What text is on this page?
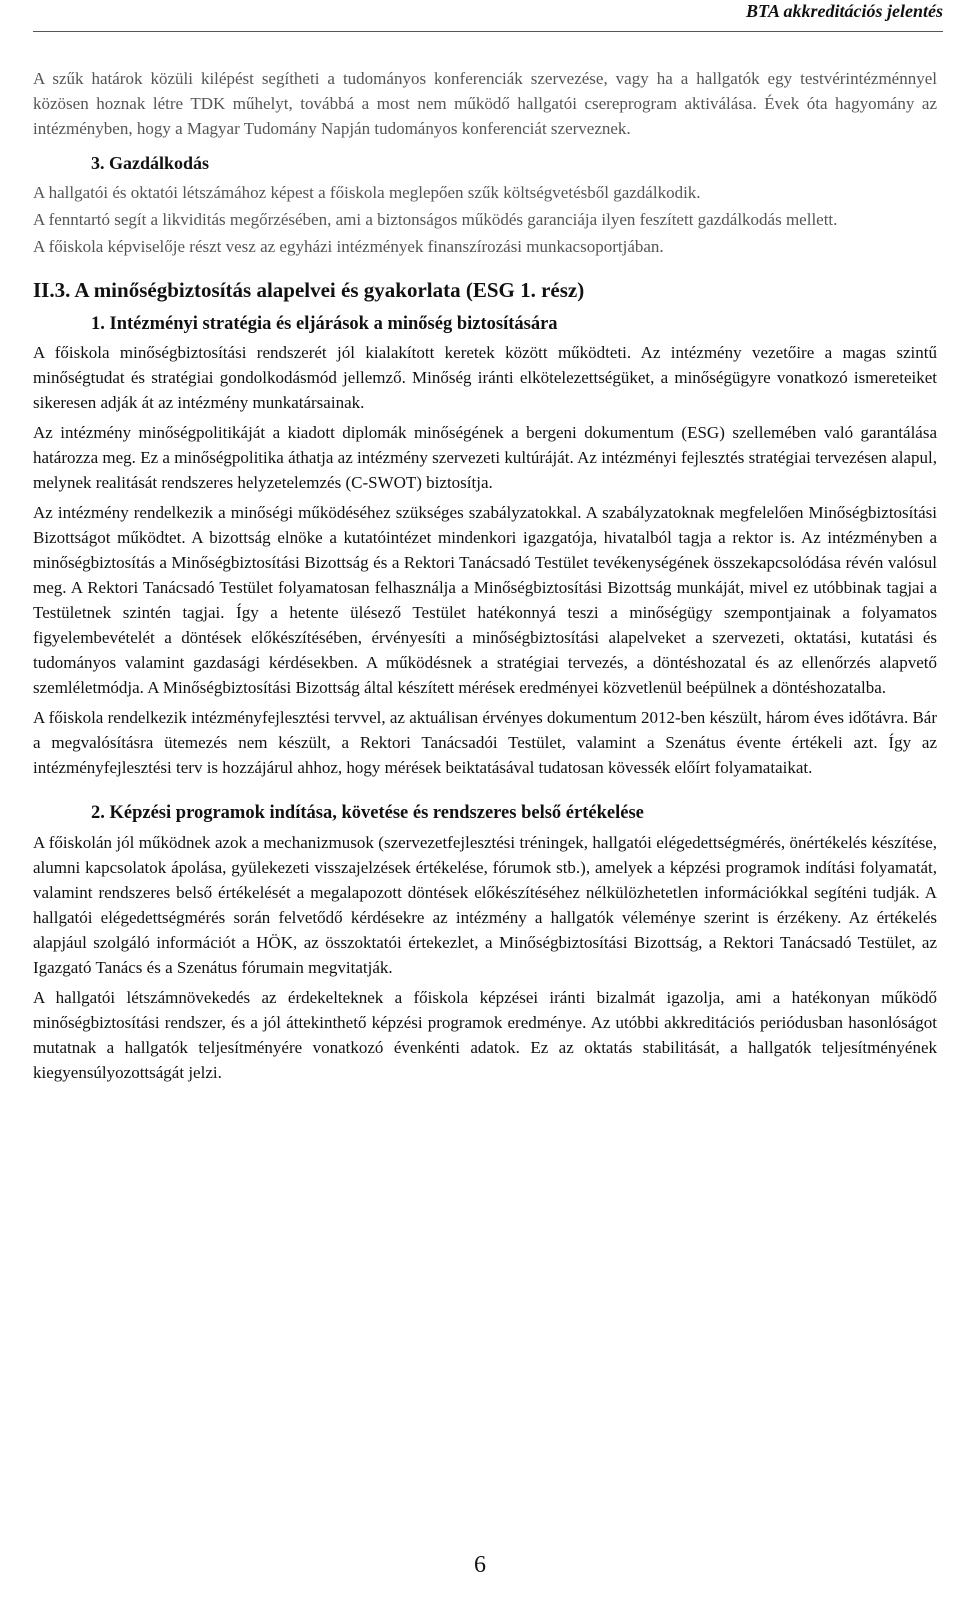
BTA akkreditációs jelentés

A szűk határok közüli kilépést segítheti a tudományos konferenciák szervezése, vagy ha a hallgatók egy testvérintézménnyel közösen hoznak létre TDK műhelyt, továbbá a most nem működő hallgatói csereprogram aktiválása. Évek óta hagyomány az intézményben, hogy a Magyar Tudomány Napján tudományos konferenciát szerveznek.

3. Gazdálkodás

A hallgatói és oktatói létszámához képest a főiskola meglepően szűk költségvetésből gazdálkodik.

A fenntartó segít a likviditás megőrzésében, ami a biztonságos működés garanciája ilyen feszített gazdálkodás mellett.

A főiskola képviselője részt vesz az egyházi intézmények finanszírozási munkacsoportjában.

II.3. A minőségbiztosítás alapelvei és gyakorlata (ESG 1. rész)
1. Intézményi stratégia és eljárások a minőség biztosítására

A főiskola minőségbiztosítási rendszerét jól kialakított keretek között működteti. Az intézmény vezetőire a magas szintű minőségtudat és stratégiai gondolkodásmód jellemző. Minőség iránti elkötelezettségüket, a minőségügyre vonatkozó ismereteiket sikeresen adják át az intézmény munkatársainak.

Az intézmény minőségpolitikáját a kiadott diplomák minőségének a bergeni dokumentum (ESG) szellemében való garantálása határozza meg. Ez a minőségpolitika áthatja az intézmény szervezeti kultúráját. Az intézményi fejlesztés stratégiai tervezésen alapul, melynek realitását rendszeres helyzetelemzés (C-SWOT) biztosítja.

Az intézmény rendelkezik a minőségi működéséhez szükséges szabályzatokkal. A szabályzatoknak megfelelően Minőségbiztosítási Bizottságot működtet. A bizottság elnöke a kutatóintézet mindenkori igazgatója, hivatalból tagja a rektor is. Az intézményben a minőségbiztosítás a Minőségbiztosítási Bizottság és a Rektori Tanácsadó Testület tevékenységének összekapcsolódása révén valósul meg. A Rektori Tanácsadó Testület folyamatosan felhasználja a Minőségbiztosítási Bizottság munkáját, mivel ez utóbbinak tagjai a Testületnek szintén tagjai. Így a hetente ülésező Testület hatékonnyá teszi a minőségügy szempontjainak a folyamatos figyelembevételét a döntések előkészítésében, érvényesíti a minőségbiztosítási alapelveket a szervezeti, oktatási, kutatási és tudományos valamint gazdasági kérdésekben. A működésnek a stratégiai tervezés, a döntéshozatal és az ellenőrzés alapvető szemléletmódja. A Minőségbiztosítási Bizottság által készített mérések eredményei közvetlenül beépülnek a döntéshozatalba.

A főiskola rendelkezik intézményfejlesztési tervvel, az aktuálisan érvényes dokumentum 2012-ben készült, három éves időtávra. Bár a megvalósításra ütemezés nem készült, a Rektori Tanácsadói Testület, valamint a Szenátus évente értékeli azt. Így az intézményfejlesztési terv is hozzájárul ahhoz, hogy mérések beiktatásával tudatosan kövessék előírt folyamataikat.

2. Képzési programok indítása, követése és rendszeres belső értékelése

A főiskolán jól működnek azok a mechanizmusok (szervezetfejlesztési tréningek, hallgatói elégedettségmérés, önértékelés készítése, alumni kapcsolatok ápolása, gyülekezeti visszajelzések értékelése, fórumok stb.), amelyek a képzési programok indítási folyamatát, valamint rendszeres belső értékelését a megalapozott döntések előkészítéséhez nélkülözhetetlen információkkal segíténi tudják. A hallgatói elégedettségmérés során felvetődő kérdésekre az intézmény a hallgatók véleménye szerint is érzékeny. Az értékelés alapjául szolgáló információt a HÖK, az összoktatói értekezlet, a Minőségbiztosítási Bizottság, a Rektori Tanácsadó Testület, az Igazgató Tanács és a Szenátus fórumain megvitatják.

A hallgatói létszámnövekedés az érdekelteknek a főiskola képzései iránti bizalmát igazolja, ami a hatékonyan működő minőségbiztosítási rendszer, és a jól áttekinthető képzési programok eredménye. Az utóbbi akkreditációs periódusban hasonlóságot mutatnak a hallgatók teljesítményére vonatkozó évenkénti adatok. Ez az oktatás stabilitását, a hallgatók teljesítményének kiegyensúlyozottságát jelzi.

6
